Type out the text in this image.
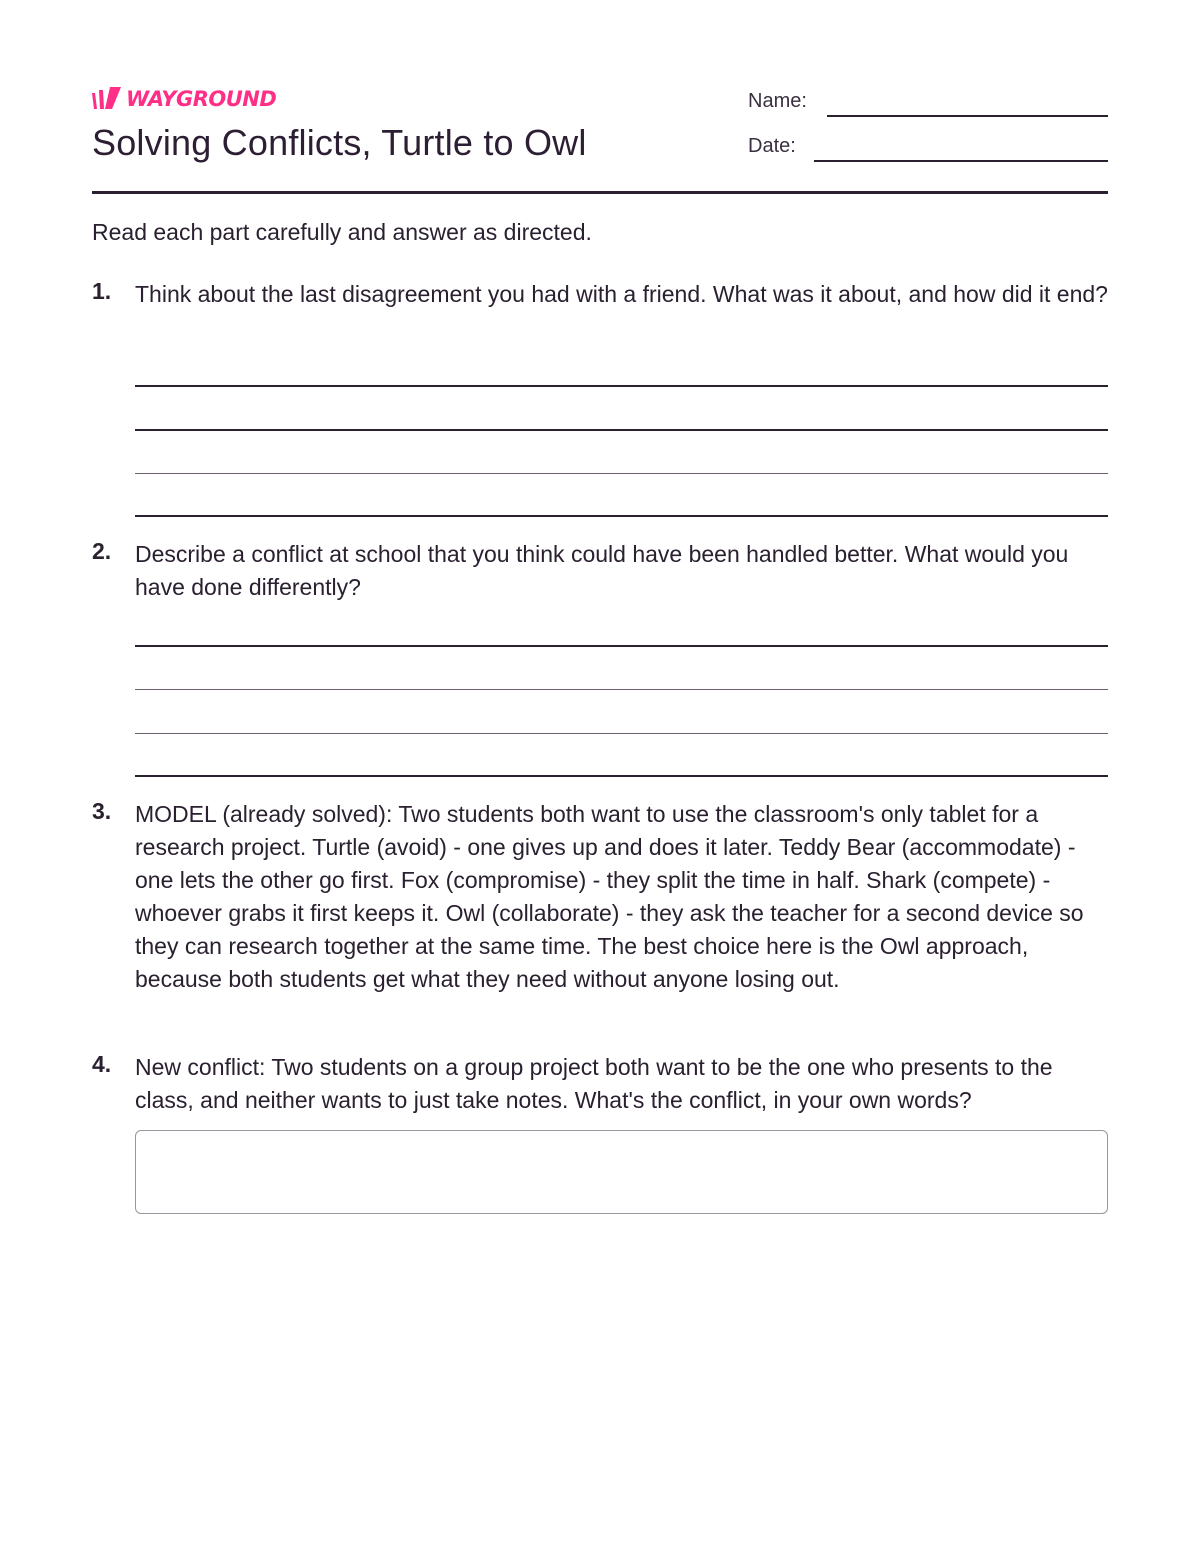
WAYGROUND
Solving Conflicts, Turtle to Owl
Name:
Date:
Read each part carefully and answer as directed.
1. Think about the last disagreement you had with a friend. What was it about, and how did it end?
2. Describe a conflict at school that you think could have been handled better. What would you have done differently?
3. MODEL (already solved): Two students both want to use the classroom's only tablet for a research project. Turtle (avoid) - one gives up and does it later. Teddy Bear (accommodate) - one lets the other go first. Fox (compromise) - they split the time in half. Shark (compete) - whoever grabs it first keeps it. Owl (collaborate) - they ask the teacher for a second device so they can research together at the same time. The best choice here is the Owl approach, because both students get what they need without anyone losing out.
4. New conflict: Two students on a group project both want to be the one who presents to the class, and neither wants to just take notes. What's the conflict, in your own words?
